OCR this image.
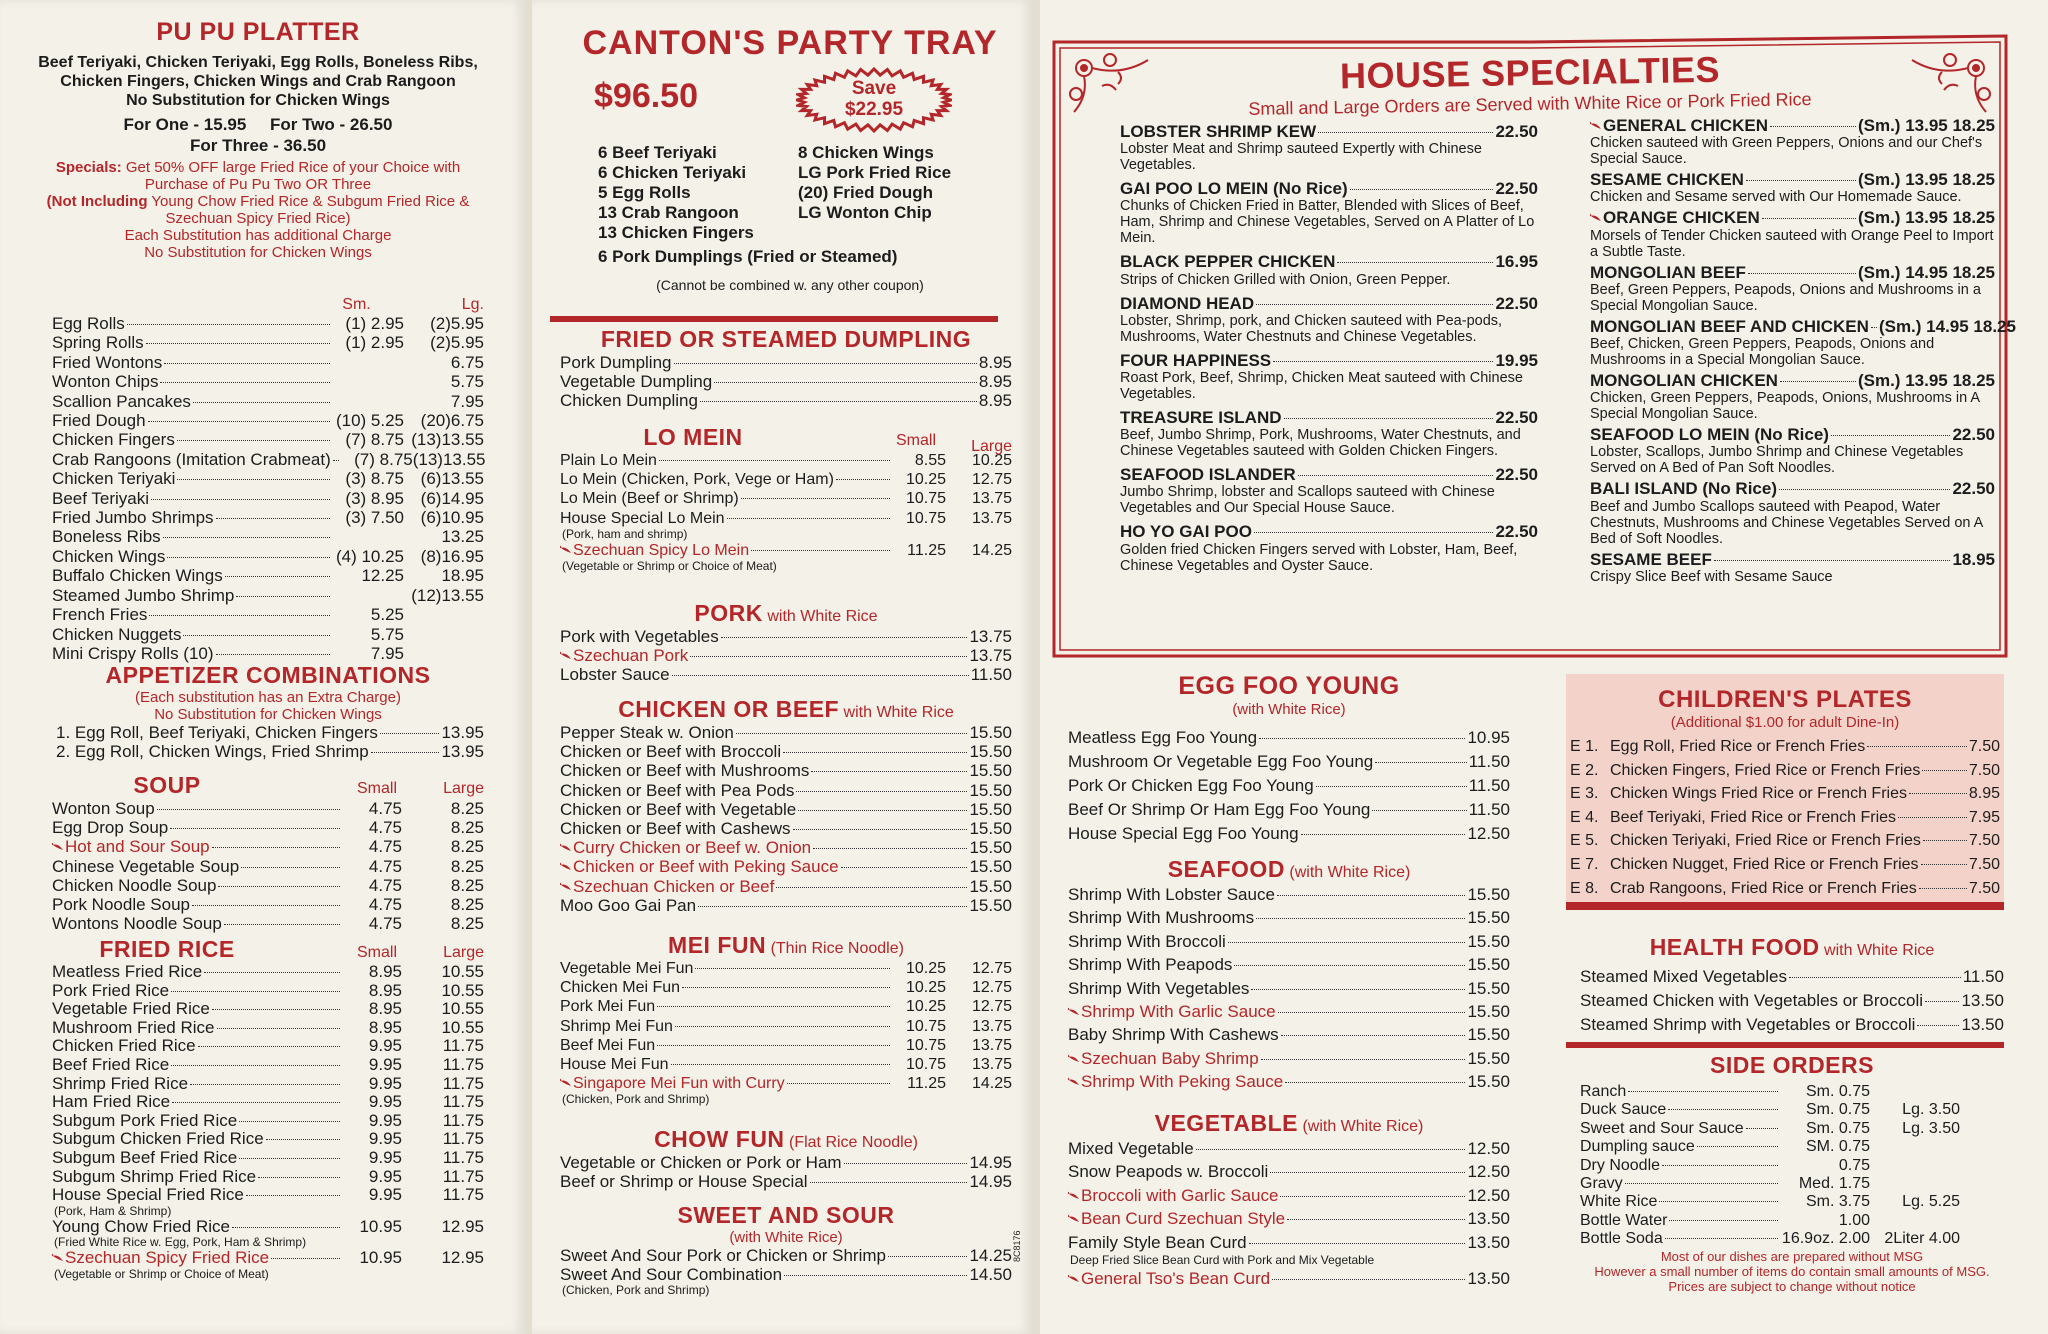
PU PU PLATTER
Beef Teriyaki, Chicken Teriyaki, Egg Rolls, Boneless Ribs, Chicken Fingers, Chicken Wings and Crab Rangoon
No Substitution for Chicken Wings
For One - 15.95 For Two - 26.50
For Three - 36.50
Specials: Get 50% OFF large Fried Rice of your Choice with Purchase of Pu Pu Two OR Three
(Not Including Young Chow Fried Rice & Subgum Fried Rice & Szechuan Spicy Fried Rice)
Each Substitution has additional Charge
No Substitution for Chicken Wings
Sm.	Lg.
Egg Rolls	(1) 2.95	(2)5.95
Spring Rolls	(1) 2.95	(2)5.95
Fried Wontons	6.75
Wonton Chips	5.75
Scallion Pancakes	7.95
Fried Dough	(10) 5.25 (20)6.75
Chicken Fingers	(7) 8.75 (13)13.55
Crab Rangoons (Imitation Crabmeat)	(7) 8.75 (13)13.55
Chicken Teriyaki	(3) 8.75 (6)13.55
Beef Teriyaki	(3) 8.95 (6)14.95
Fried Jumbo Shrimps	(3) 7.50 (6)10.95
Boneless Ribs	13.25
Chicken Wings	(4) 10.25 (8)16.95
Buffalo Chicken Wings	12.25	18.95
Steamed Jumbo Shrimp	(12)13.55
French Fries	5.25
Chicken Nuggets	5.75
Mini Crispy Rolls (10)	7.95
APPETIZER COMBINATIONS
(Each substitution has an Extra Charge)
No Substitution for Chicken Wings
1. Egg Roll, Beef Teriyaki, Chicken Fingers	13.95
2. Egg Roll, Chicken Wings, Fried Shrimp	13.95
SOUP	Small	Large
Wonton Soup	4.75	8.25
Egg Drop Soup	4.75	8.25
Hot and Sour Soup	4.75	8.25
Chinese Vegetable Soup	4.75	8.25
Chicken Noodle Soup	4.75	8.25
Pork Noodle Soup	4.75	8.25
Wontons Noodle Soup	4.75	8.25
FRIED RICE	Small	Large
Meatless Fried Rice	8.95	10.55
Pork Fried Rice	8.95	10.55
Vegetable Fried Rice	8.95	10.55
Mushroom Fried Rice	8.95	10.55
Chicken Fried Rice	9.95	11.75
Beef Fried Rice	9.95	11.75
Shrimp Fried Rice	9.95	11.75
Ham Fried Rice	9.95	11.75
Subgum Pork Fried Rice	9.95	11.75
Subgum Chicken Fried Rice	9.95	11.75
Subgum Beef Fried Rice	9.95	11.75
Subgum Shrimp Fried Rice	9.95	11.75
House Special Fried Rice	9.95	11.75
(Pork, Ham & Shrimp)
Young Chow Fried Rice	10.95	12.95
(Fried White Rice w. Egg, Pork, Ham & Shrimp)
Szechuan Spicy Fried Rice	10.95	12.95
(Vegetable or Shrimp or Choice of Meat)
CANTON'S PARTY TRAY
$96.50	Save
$22.95
6 Beef Teriyaki
6 Chicken Teriyaki
5 Egg Rolls
13 Crab Rangoon
13 Chicken Fingers
8 Chicken Wings
LG Pork Fried Rice
(20) Fried Dough
LG Wonton Chip
6 Pork Dumplings (Fried or Steamed)
(Cannot be combined w. any other coupon)
FRIED OR STEAMED DUMPLING
Pork Dumpling	8.95
Vegetable Dumpling	8.95
Chicken Dumpling	8.95
LO MEIN	Small	Large
Plain Lo Mein	8.55	10.25
Lo Mein (Chicken, Pork, Vege or Ham)	10.25	12.75
Lo Mein (Beef or Shrimp)	10.75	13.75
House Special Lo Mein	10.75	13.75
(Pork, ham and shrimp)
Szechuan Spicy Lo Mein	11.25	14.25
(Vegetable or Shrimp or Choice of Meat)
PORK with White Rice
Pork with Vegetables	13.75
Szechuan Pork	13.75
Lobster Sauce	11.50
CHICKEN OR BEEF with White Rice
Pepper Steak w. Onion	15.50
Chicken or Beef with Broccoli	15.50
Chicken or Beef with Mushrooms	15.50
Chicken or Beef with Pea Pods	15.50
Chicken or Beef with Vegetable	15.50
Chicken or Beef with Cashews	15.50
Curry Chicken or Beef w. Onion	15.50
Chicken or Beef with Peking Sauce	15.50
Szechuan Chicken or Beef	15.50
Moo Goo Gai Pan	15.50
MEI FUN (Thin Rice Noodle)
Vegetable Mei Fun	10.25	12.75
Chicken Mei Fun	10.25	12.75
Pork Mei Fun	10.25	12.75
Shrimp Mei Fun	10.75	13.75
Beef Mei Fun	10.75	13.75
House Mei Fun	10.75	13.75
Singapore Mei Fun with Curry	11.25	14.25
(Chicken, Pork and Shrimp)
CHOW FUN (Flat Rice Noodle)
Vegetable or Chicken or Pork or Ham	14.95
Beef or Shrimp or House Special	14.95
SWEET AND SOUR
(with White Rice)
Sweet And Sour Pork or Chicken or Shrimp	14.25
Sweet And Sour Combination	14.50
(Chicken, Pork and Shrimp)
8C8176
HOUSE SPECIALTIES
Small and Large Orders are Served with White Rice or Pork Fried Rice
LOBSTER SHRIMP KEW	22.50
Lobster Meat and Shrimp sauteed Expertly with Chinese Vegetables.
GAI POO LO MEIN (No Rice)	22.50
Chunks of Chicken Fried in Batter, Blended with Slices of Beef, Ham, Shrimp and Chinese Vegetables, Served on A Platter of Lo Mein.
BLACK PEPPER CHICKEN	16.95
Strips of Chicken Grilled with Onion, Green Pepper.
DIAMOND HEAD	22.50
Lobster, Shrimp, pork, and Chicken sauteed with Pea-pods, Mushrooms, Water Chestnuts and Chinese Vegetables.
FOUR HAPPINESS	19.95
Roast Pork, Beef, Shrimp, Chicken Meat sauteed with Chinese Vegetables.
TREASURE ISLAND	22.50
Beef, Jumbo Shrimp, Pork, Mushrooms, Water Chestnuts, and Chinese Vegetables sauteed with Golden Chicken Fingers.
SEAFOOD ISLANDER	22.50
Jumbo Shrimp, lobster and Scallops sauteed with Chinese Vegetables and Our Special House Sauce.
HO YO GAI POO	22.50
Golden fried Chicken Fingers served with Lobster, Ham, Beef, Chinese Vegetables and Oyster Sauce.
GENERAL CHICKEN	(Sm.) 13.95 18.25
Chicken sauteed with Green Peppers, Onions and our Chef's Special Sauce.
SESAME CHICKEN	(Sm.) 13.95 18.25
Chicken and Sesame served with Our Homemade Sauce.
ORANGE CHICKEN	(Sm.) 13.95 18.25
Morsels of Tender Chicken sauteed with Orange Peel to Import a Subtle Taste.
MONGOLIAN BEEF	(Sm.) 14.95 18.25
Beef, Green Peppers, Peapods, Onions and Mushrooms in a Special Mongolian Sauce.
MONGOLIAN BEEF AND CHICKEN (Sm.) 14.95 18.25
Beef, Chicken, Green Peppers, Peapods, Onions and Mushrooms in a Special Mongolian Sauce.
MONGOLIAN CHICKEN	(Sm.) 13.95 18.25
Chicken, Green Peppers, Peapods, Onions, Mushrooms in A Special Mongolian Sauce.
SEAFOOD LO MEIN (No Rice)	22.50
Lobster, Scallops, Jumbo Shrimp and Chinese Vegetables Served on A Bed of Pan Soft Noodles.
BALI ISLAND (No Rice)	22.50
Beef and Jumbo Scallops sauteed with Peapod, Water Chestnuts, Mushrooms and Chinese Vegetables Served on A Bed of Soft Noodles.
SESAME BEEF	18.95
Crispy Slice Beef with Sesame Sauce
EGG FOO YOUNG
(with White Rice)
Meatless Egg Foo Young	10.95
Mushroom Or Vegetable Egg Foo Young	11.50
Pork Or Chicken Egg Foo Young	11.50
Beef Or Shrimp Or Ham Egg Foo Young	11.50
House Special Egg Foo Young	12.50
SEAFOOD (with White Rice)
Shrimp With Lobster Sauce	15.50
Shrimp With Mushrooms	15.50
Shrimp With Broccoli	15.50
Shrimp With Peapods	15.50
Shrimp With Vegetables	15.50
Shrimp With Garlic Sauce	15.50
Baby Shrimp With Cashews	15.50
Szechuan Baby Shrimp	15.50
Shrimp With Peking Sauce	15.50
VEGETABLE (with White Rice)
Mixed Vegetable	12.50
Snow Peapods w. Broccoli	12.50
Broccoli with Garlic Sauce	12.50
Bean Curd Szechuan Style	13.50
Family Style Bean Curd	13.50
Deep Fried Slice Bean Curd with Pork and Mix Vegetable
General Tso's Bean Curd	13.50
CHILDREN'S PLATES
(Additional $1.00 for adult Dine-In)
E 1. Egg Roll, Fried Rice or French Fries	7.50
E 2. Chicken Fingers, Fried Rice or French Fries	7.50
E 3. Chicken Wings Fried Rice or French Fries	8.95
E 4. Beef Teriyaki, Fried Rice or French Fries	7.95
E 5. Chicken Teriyaki, Fried Rice or French Fries	7.50
E 7. Chicken Nugget, Fried Rice or French Fries	7.50
E 8. Crab Rangoons, Fried Rice or French Fries	7.50
HEALTH FOOD with White Rice
Steamed Mixed Vegetables	11.50
Steamed Chicken with Vegetables or Broccoli 13.50
Steamed Shrimp with Vegetables or Broccoli	13.50
SIDE ORDERS
Ranch	Sm. 0.75
Duck Sauce	Sm. 0.75	Lg. 3.50
Sweet and Sour Sauce	Sm. 0.75	Lg. 3.50
Dumpling sauce	SM. 0.75
Dry Noodle	0.75
Gravy	Med. 1.75
White Rice	Sm. 3.75	Lg. 5.25
Bottle Water	1.00
Bottle Soda	16.9oz. 2.00 2Liter 4.00
Most of our dishes are prepared without MSG
However a small number of items do contain small amounts of MSG.
Prices are subject to change without notice
